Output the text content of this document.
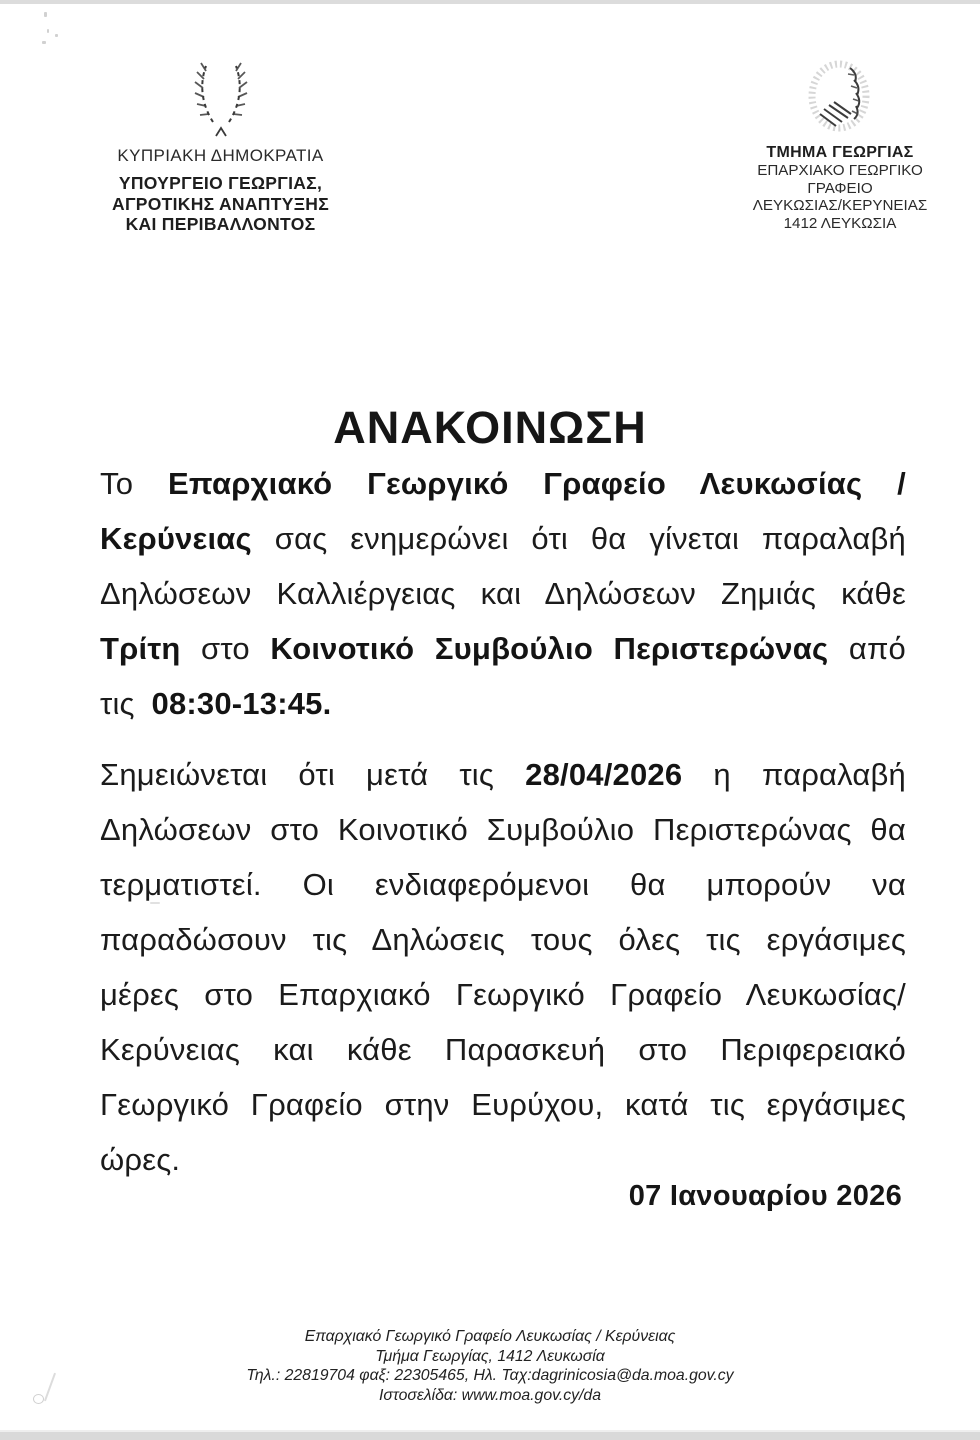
ΚΥΠΡΙΑΚΗ ΔΗΜΟΚΡΑΤΙΑ
ΥΠΟΥΡΓΕΙΟ ΓΕΩΡΓΙΑΣ,
ΑΓΡΟΤΙΚΗΣ ΑΝΑΠΤΥΞΗΣ
ΚΑΙ ΠΕΡΙΒΑΛΛΟΝΤΟΣ
ΤΜΗΜΑ ΓΕΩΡΓΙΑΣ
ΕΠΑΡΧΙΑΚΟ ΓΕΩΡΓΙΚΟ
ΓΡΑΦΕΙΟ
ΛΕΥΚΩΣΙΑΣ/ΚΕΡΥΝΕΙΑΣ
1412 ΛΕΥΚΩΣΙΑ
ΑΝΑΚΟΙΝΩΣΗ

Το Επαρχιακό Γεωργικό Γραφείο Λευκωσίας / Κερύνειας σας ενημερώνει ότι θα γίνεται παραλαβή Δηλώσεων Καλλιέργειας και Δηλώσεων Ζημιάς κάθε Τρίτη στο Κοινοτικό Συμβούλιο Περιστερώνας από τις 08:30-13:45.

Σημειώνεται ότι μετά τις 28/04/2026 η παραλαβή Δηλώσεων στο Κοινοτικό Συμβούλιο Περιστερώνας θα τερματιστεί. Οι ενδιαφερόμενοι θα μπορούν να παραδώσουν τις Δηλώσεις τους όλες τις εργάσιμες μέρες στο Επαρχιακό Γεωργικό Γραφείο Λευκωσίας/Κερύνειας και κάθε Παρασκευή στο Περιφερειακό Γεωργικό Γραφείο στην Ευρύχου, κατά τις εργάσιμες ώρες.

07 Ιανουαρίου 2026
Επαρχιακό Γεωργικό Γραφείο Λευκωσίας / Κερύνειας
Τμήμα Γεωργίας, 1412 Λευκωσία
Τηλ.: 22819704 φαξ: 22305465, Ηλ. Ταχ:dagrinicosia@da.moa.gov.cy
Ιστοσελίδα: www.moa.gov.cy/da
